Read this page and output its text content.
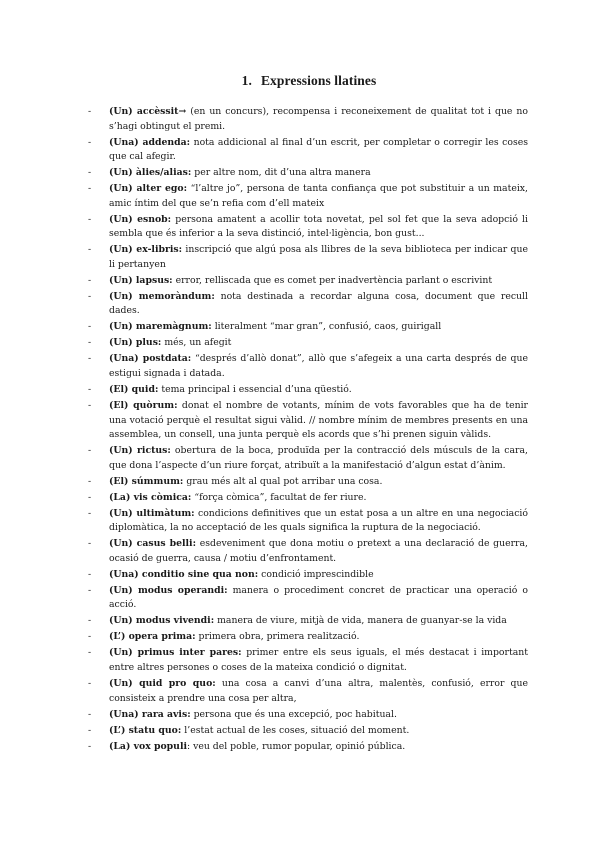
1. Expressions llatines
- (Un) accèssit→ (en un concurs), recompensa i reconeixement de qualitat tot i que no s’hagi obtingut el premi.
- (Una) addenda: nota addicional al final d’un escrit, per completar o corregir les coses que cal afegir.
- (Un) àlies/alias: per altre nom, dit d’una altra manera
- (Un) alter ego: “l’altre jo”, persona de tanta confiança que pot substituir a un mateix, amic íntim del que se’n refia com d’ell mateix
- (Un) esnob: persona amatent a acollir tota novetat, pel sol fet que la seva adopció li sembla que és inferior a la seva distinció, intel·ligència, bon gust...
- (Un) ex-libris: inscripció que algú posa als llibres de la seva biblioteca per indicar que li pertanyen
- (Un) lapsus: error, relliscada que es comet per inadvertència parlant o escrivint
- (Un) memoràndum: nota destinada a recordar alguna cosa, document que recull dades.
- (Un) maremàgnum: literalment “mar gran”, confusió, caos, guirigall
- (Un) plus: més, un afegit
- (Una) postdata: “després d’allò donat”, allò que s’afegeix a una carta després de que estigui signada i datada.
- (El) quid: tema principal i essencial d’una qüestió.
- (El) quòrum: donat el nombre de votants, mínim de vots favorables que ha de tenir una votació perquè el resultat sigui vàlid. // nombre mínim de membres presents en una assemblea, un consell, una junta perquè els acords que s’hi prenen siguin vàlids.
- (Un) rictus: obertura de la boca, produïda per la contracció dels músculs de la cara, que dona l’aspecte d’un riure forçat, atribuït a la manifestació d’algun estat d’ànim.
- (El) súmmum: grau més alt al qual pot arribar una cosa.
- (La) vis còmica: “força còmica”, facultat de fer riure.
- (Un) ultimàtum: condicions definitives que un estat posa a un altre en una negociació diplomàtica, la no acceptació de les quals significa la ruptura de la negociació.
- (Un) casus belli: esdeveniment que dona motiu o pretext a una declaració de guerra, ocasió de guerra, causa / motiu d’enfrontament.
- (Una) conditio sine qua non: condició imprescindible
- (Un) modus operandi: manera o procediment concret de practicar una operació o acció.
- (Un) modus vivendi: manera de viure, mitjà de vida, manera de guanyar-se la vida
- (L’) opera prima: primera obra, primera realització.
- (Un) primus inter pares: primer entre els seus iguals, el més destacat i important entre altres persones o coses de la mateixa condició o dignitat.
- (Un) quid pro quo: una cosa a canvi d’una altra, malentès, confusió, error que consisteix a prendre una cosa per altra,
- (Una) rara avis: persona que és una excepció, poc habitual.
- (L’) statu quo: l’estat actual de les coses, situació del moment.
- (La) vox populi: veu del poble, rumor popular, opinió pública.
